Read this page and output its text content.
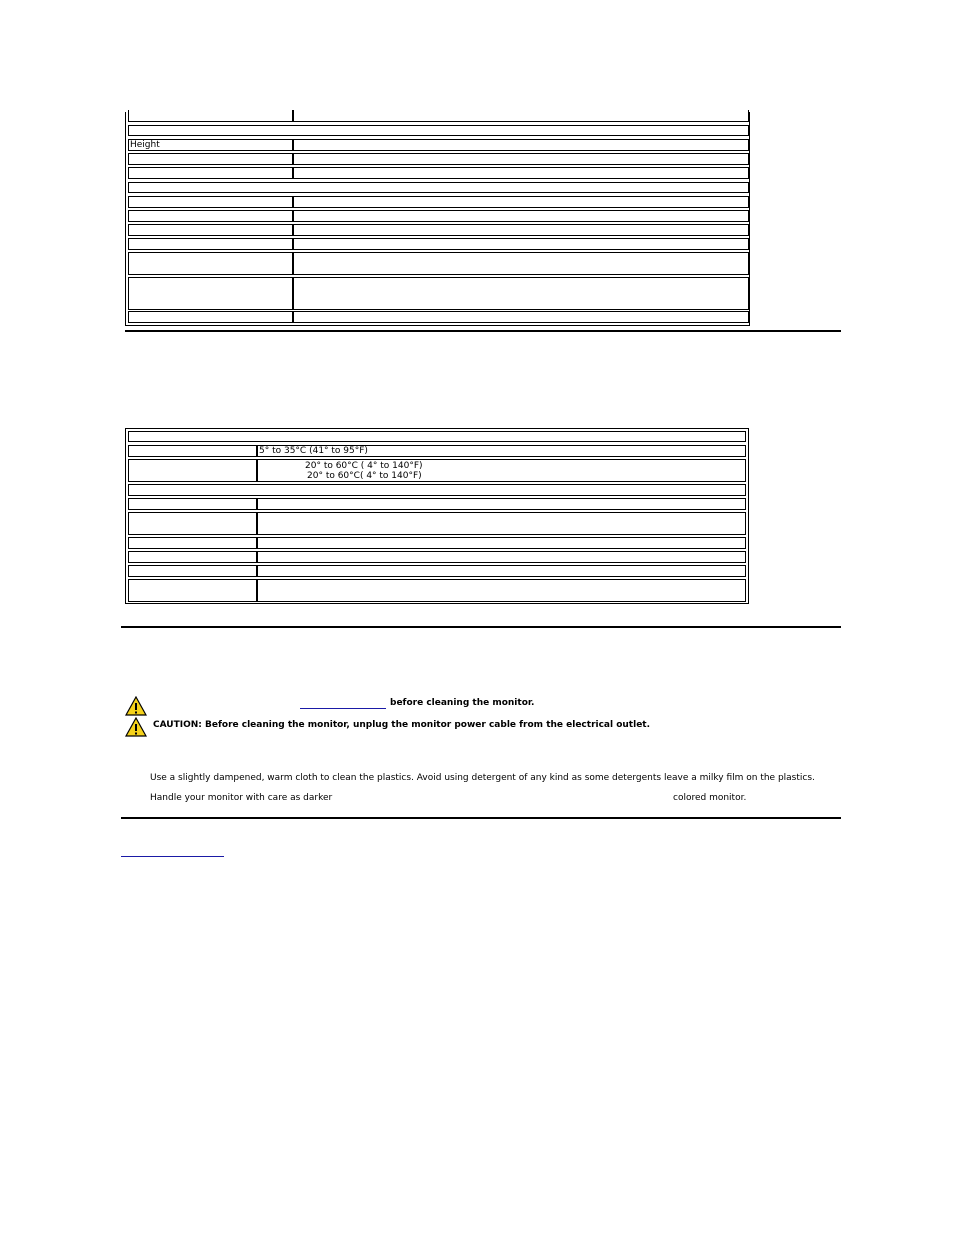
Height
5° to 35°C (41° to 95°F)
20° to 60°C ( 4° to 140°F)
20° to 60°C( 4° to 140°F)
before cleaning the monitor.
CAUTION: Before cleaning the monitor, unplug the monitor power cable from the electrical outlet.
Use a slightly dampened, warm cloth to clean the plastics. Avoid using detergent of any kind as some detergents leave a milky film on the plastics.
Handle your monitor with care as darker	colored monitor.
